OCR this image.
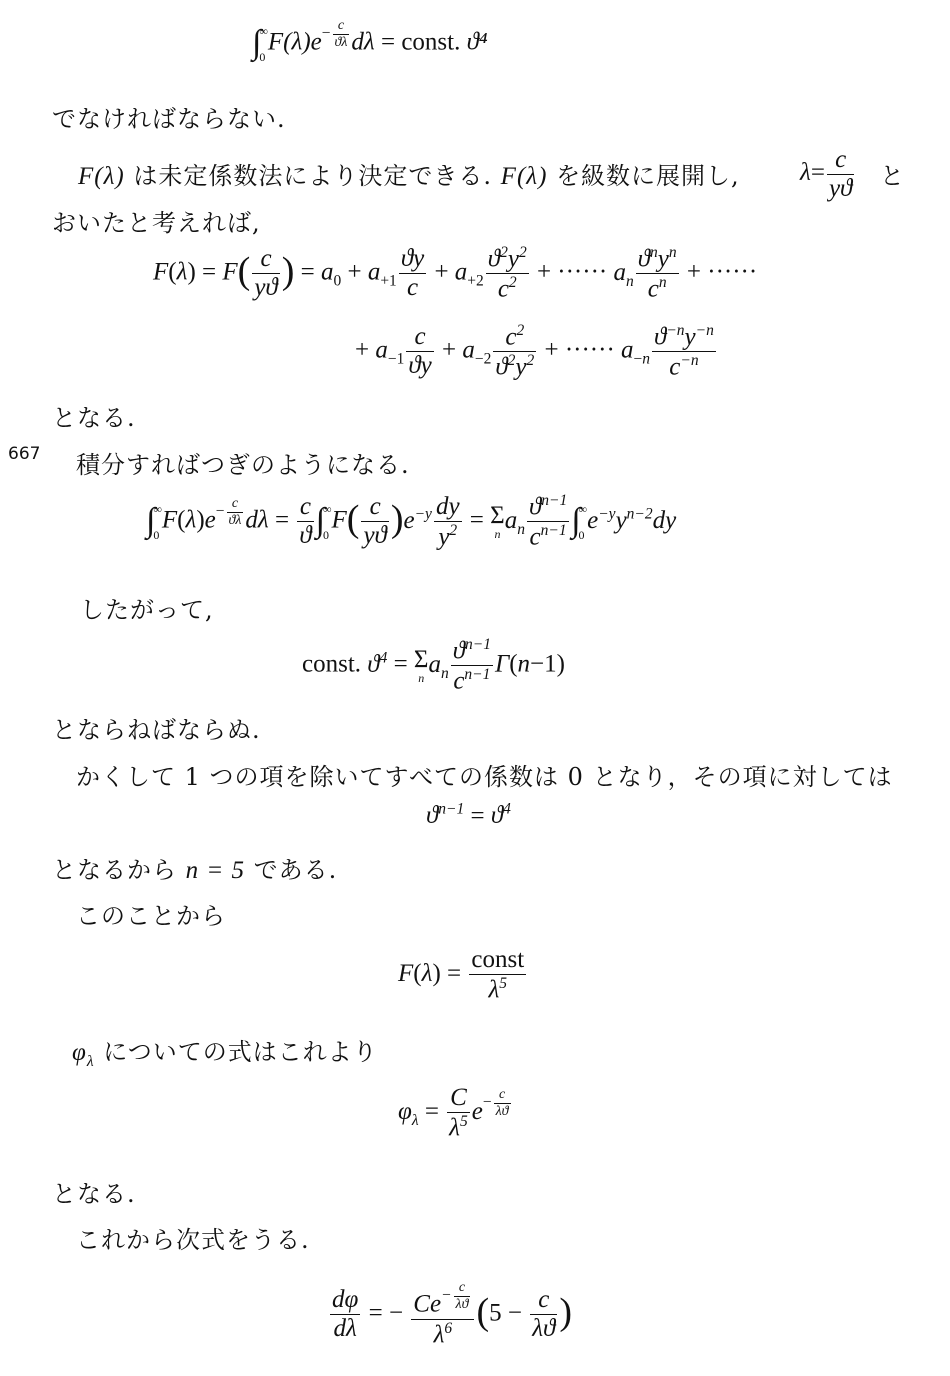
667
∫
∞
0
$F(\lambda)e- \frac{c}{ϑ\lambda}$ dλ = const. ϑ⁴
でなければならない.
F(λ) は未定係数法により決定できる. F(λ) を級数に展開し, $\lambda= \frac{c}{yϑ}$ と
おいたと考えれば,
$F(\lambda) = F( \frac{c}{yϑ}$ ) = $a_0 + a_{+1} \frac{ϑy}{c} + a_{+2} \frac{ϑ^2y^2}{c^2}$ + ······ $a_n$
$ϑ^ny^n$
$c^n$ + ······
+ $a_{-1} \frac{c}{ϑy} + a_{-2} \frac{c^2}{ϑ^2y^2}$ + ······ $a_{-n} \frac{ϑ^{-n}y^{-n}}{c^{-n}}$
となる.
積分すればつぎのようになる.
∫
∞
0
$F(\lambda)e- \frac{c}{ϑ\lambda}$ $d\lambda = \frac{c}{ϑ}$ ∫
∞
0
$F( \frac{c}{yϑ} )e^{-y} \frac{dy}{y^2} = \Sigma$
n
$a_n \frac{ϑ^{n-1}}{c^{n-1}}$ ∫
∞
0
$e^{-y}y^{n-2}dy$
したがって,
const. $ϑ^4 = \Sigma$
n
$a_n \frac{ϑ^{n-1}}{c^{n-1}} \Gamma(n-1)$
とならねばならぬ.
かくして 1 つの項を除いてすべての係数は 0 となり，その項に対しては
$ϑ^{n-1} = ϑ^4$
となるから n = 5 である.
このことから
F(λ) =
const
$\lambda^5$
$\varphi_\lambda$ についての式はこれより
$\varphi_\lambda = \frac{C}{\lambda^5} e- \frac{c}{\lambda ϑ}$
となる.
これから次式をうる.
$\frac{d\varphi}{d\lambda}$ = − $Ce- \frac{c}{\lambda ϑ}$
$\lambda^6$ ($5 - \frac{c}{\lambda ϑ}$ )
